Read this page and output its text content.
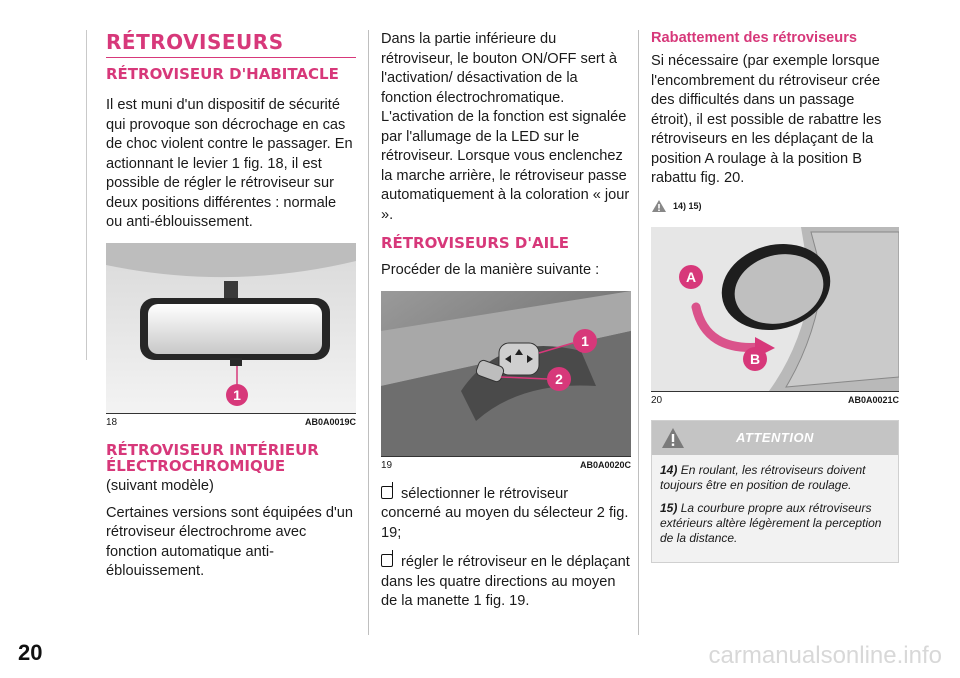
20	carmanualsonline.info
RÉTROVISEURS
RÉTROVISEUR D'HABITACLE

Il est muni d'un dispositif de sécurité qui provoque son décrochage en cas de choc violent contre le passager. En actionnant le levier 1 fig. 18, il est possible de régler le rétroviseur sur deux positions différentes : normale ou anti-éblouissement.

1
18	AB0A0019C
RÉTROVISEUR INTÉRIEUR ÉLECTROCHROMIQUE
(suivant modèle)

Certaines versions sont équipées d'un rétroviseur électrochrome avec fonction automatique anti-éblouissement.

Dans la partie inférieure du rétroviseur, le bouton ON/OFF sert à l'activation/ désactivation de la fonction électrochromatique. L'activation de la fonction est signalée par l'allumage de la LED sur le rétroviseur. Lorsque vous enclenchez la marche arrière, le rétroviseur passe automatiquement à la coloration « jour ».

RÉTROVISEURS D'AILE

Procéder de la manière suivante :

1
2
19	AB0A0020C

sélectionner le rétroviseur concerné au moyen du sélecteur 2 fig. 19;

régler le rétroviseur en le déplaçant dans les quatre directions au moyen de la manette 1 fig. 19.

Rabattement des rétroviseurs

Si nécessaire (par exemple lorsque l'encombrement du rétroviseur crée des difficultés dans un passage étroit), il est possible de rabattre les rétroviseurs en les déplaçant de la position A roulage à la position B rabattu fig. 20.

14) 15)
A
B
20	AB0A0021C
ATTENTION
14) En roulant, les rétroviseurs doivent toujours être en position de roulage.
15) La courbure propre aux rétroviseurs extérieurs altère légèrement la perception de la distance.
